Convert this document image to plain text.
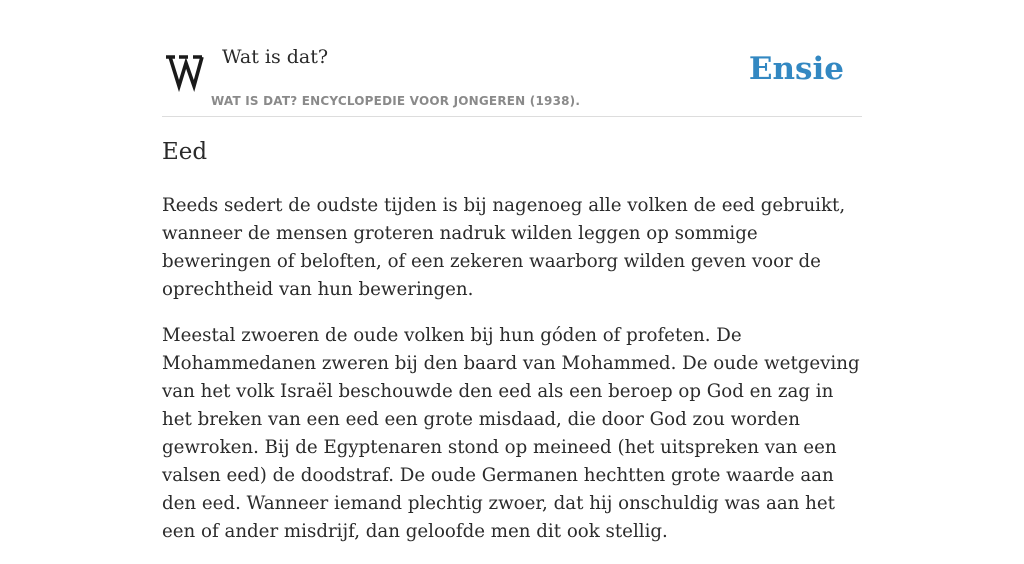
Wat is dat?
WAT IS DAT? ENCYCLOPEDIE VOOR JONGEREN (1938).
Ensie
Eed

Reeds sedert de oudste tijden is bij nagenoeg alle volken de eed gebruikt, wanneer de mensen groteren nadruk wilden leggen op sommige beweringen of beloften, of een zekeren waarborg wilden geven voor de oprechtheid van hun beweringen.

Meestal zwoeren de oude volken bij hun góden of profeten. De Mohammedanen zweren bij den baard van Mohammed. De oude wetgeving van het volk Israël beschouwde den eed als een beroep op God en zag in het breken van een eed een grote misdaad, die door God zou worden gewroken. Bij de Egyptenaren stond op meineed (het uitspreken van een valsen eed) de doodstraf. De oude Germanen hechtten grote waarde aan den eed. Wanneer iemand plechtig zwoer, dat hij onschuldig was aan het een of ander misdrijf, dan geloofde men dit ook stellig.
